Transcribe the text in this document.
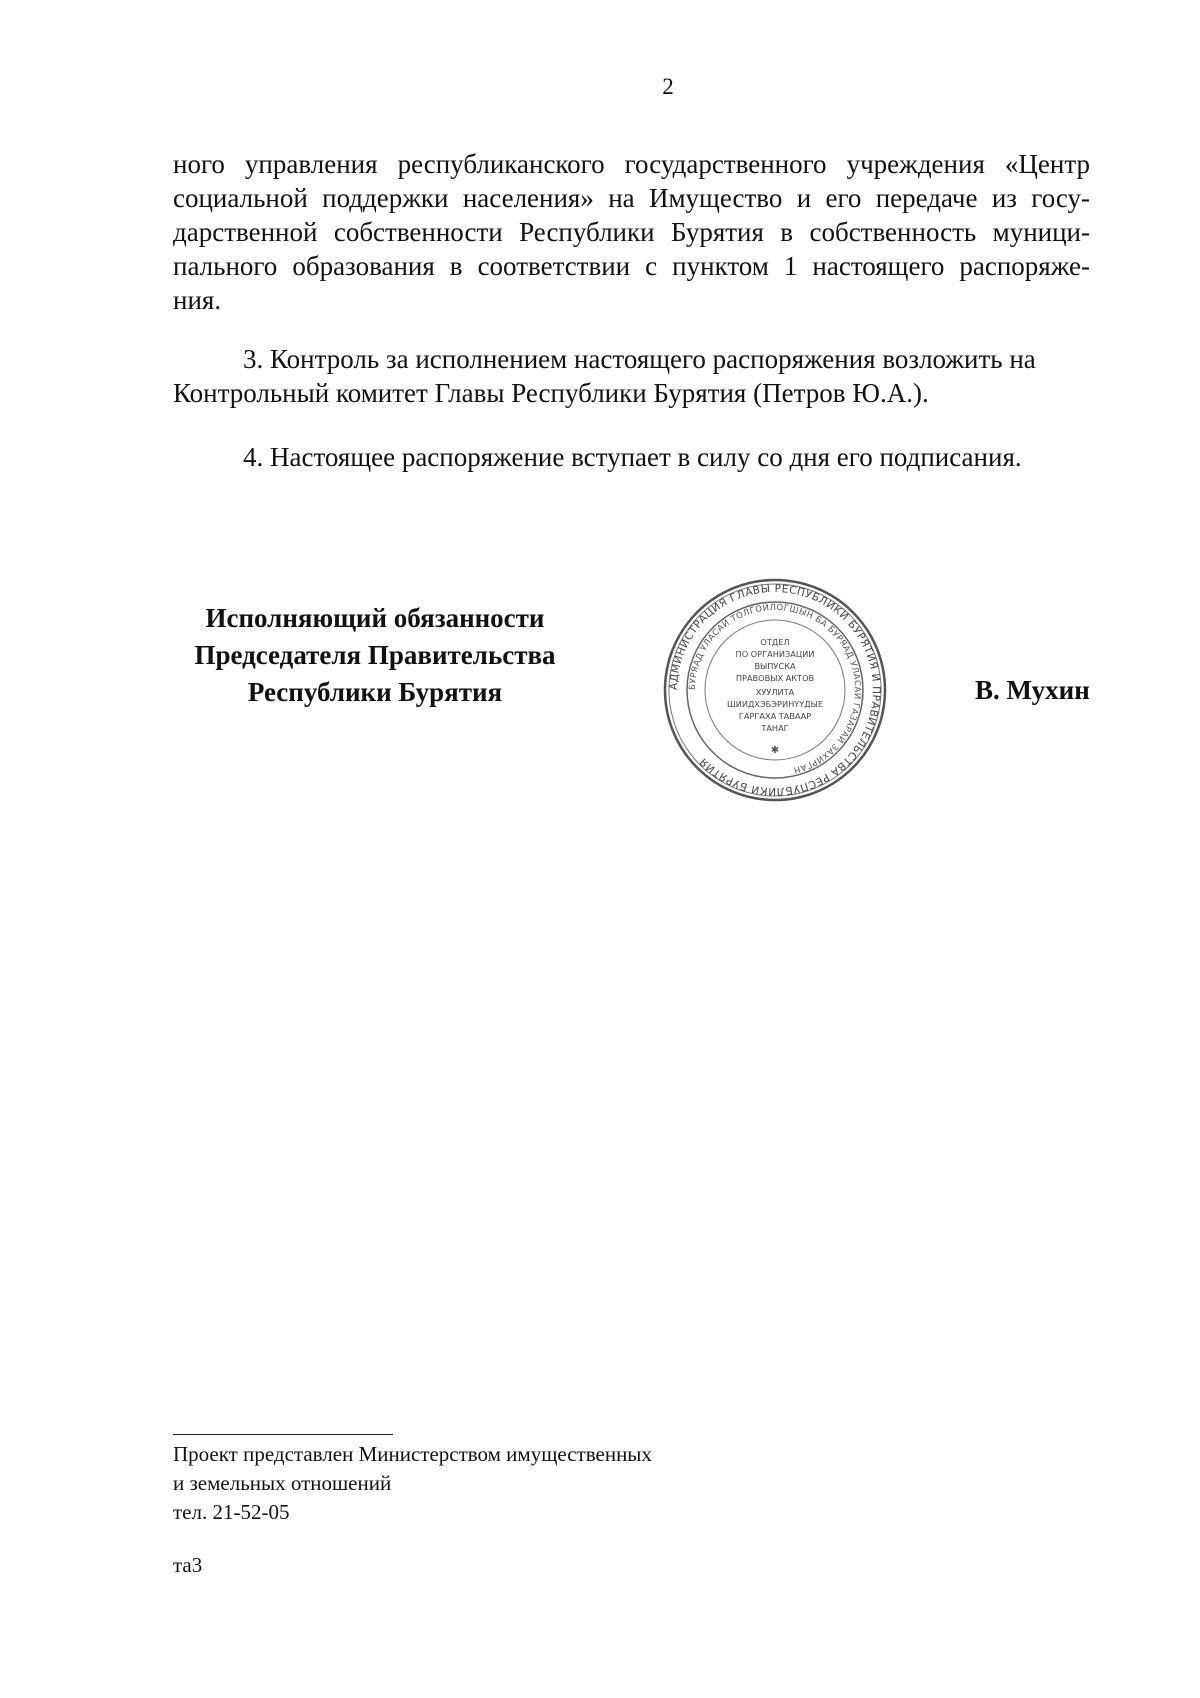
2
ного управления республиканского государственного учреждения «Центр
социальной поддержки населения» на Имущество и его передаче из госу-
дарственной собственности Республики Бурятия в собственность муници-
пального образования в соответствии с пунктом 1 настоящего распоряже-
ния.
3. Контроль за исполнением настоящего распоряжения возложить на
Контрольный комитет Главы Республики Бурятия (Петров Ю.А.).
4. Настоящее распоряжение вступает в силу со дня его подписания.
Исполняющий обязанности
Председателя Правительства
Республики Бурятия	АДМИНИСТРАЦИЯ ГЛАВЫ РЕСПУБЛИКИ БУРЯТИЯ И ПРАВИТЕЛЬСТВА РЕСПУБЛИКИ БУРЯТИЯ
БУРЯАД УЛАСАЙ ТОЛГОЙЛОГШЫН БА БУРЯАД УЛАСАЙ ГАЗАРАЙ ЗАХИРГАН
ОТДЕЛ
ПО ОРГАНИЗАЦИИ
ВЫПУСКА
ПРАВОВЫХ АКТОВ
ХУУЛИТА
ШИИДХЭБЭРИНҮҮДЫЕ
ГАРГАХА ТАВААР
ТАНАГ
✱
В. Мухин
Проект представлен Министерством имущественных
и земельных отношений
тел. 21-52-05
та3
